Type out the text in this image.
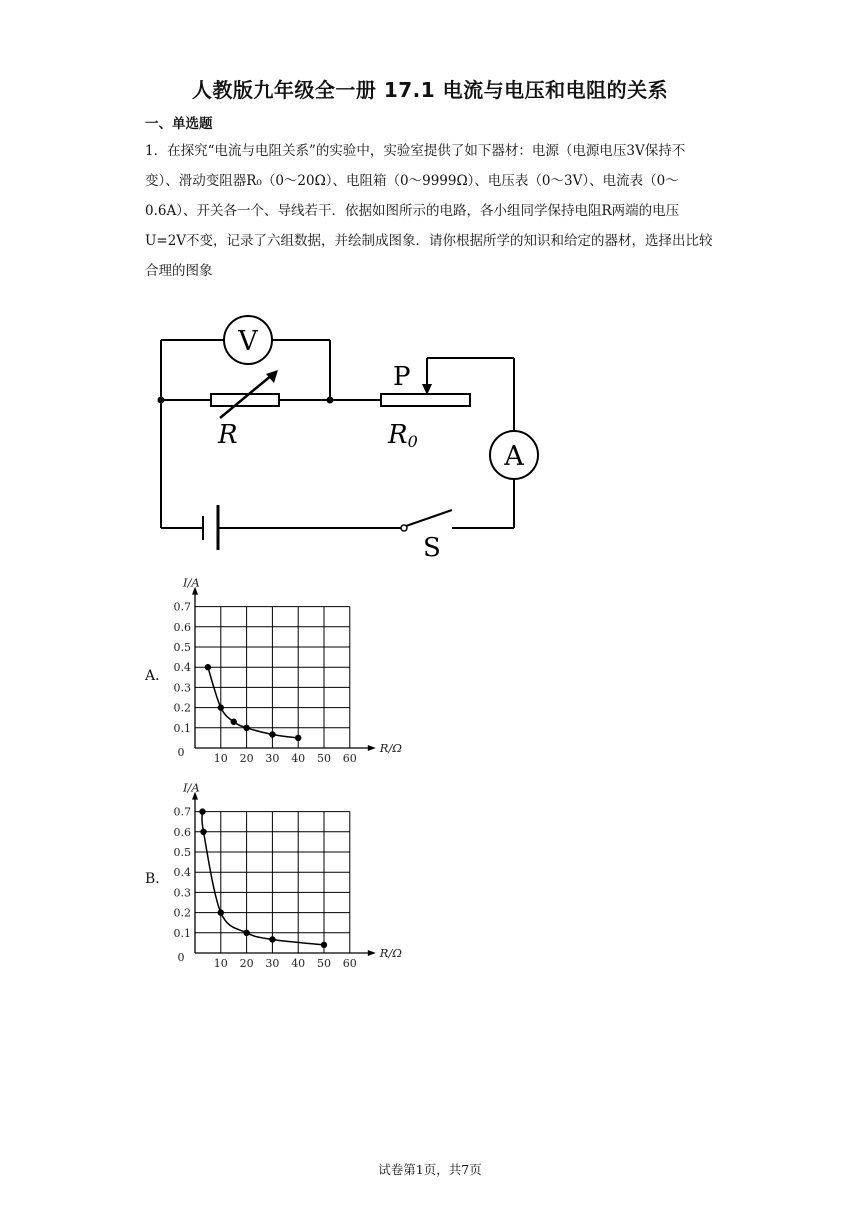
人教版九年级全一册 17.1 电流与电压和电阻的关系
一、单选题

1．在探究“电流与电阻关系”的实验中，实验室提供了如下器材：电源（电源电压3V保持不变）、滑动变阻器R₀（0～20Ω）、电阻箱（0～9999Ω）、电压表（0～3V）、电流表（0～0.6A）、开关各一个、导线若干．依据如图所示的电路，各小组同学保持电阻R两端的电压U=2V不变，记录了六组数据，并绘制成图象．请你根据所学的知识和给定的器材，选择出比较合理的图象

V
R
P
R0	A
S
A．
B．
10 20 30 40 50 60
0.1
0.2
0.3
0.4
0.5
0.6
0.7
0
I/A
R/Ω
10 20 30 40 50 60
0.1
0.2
0.3
0.4
0.5
0.6
0.7
0
I/A
R/Ω
试卷第1页，共7页
